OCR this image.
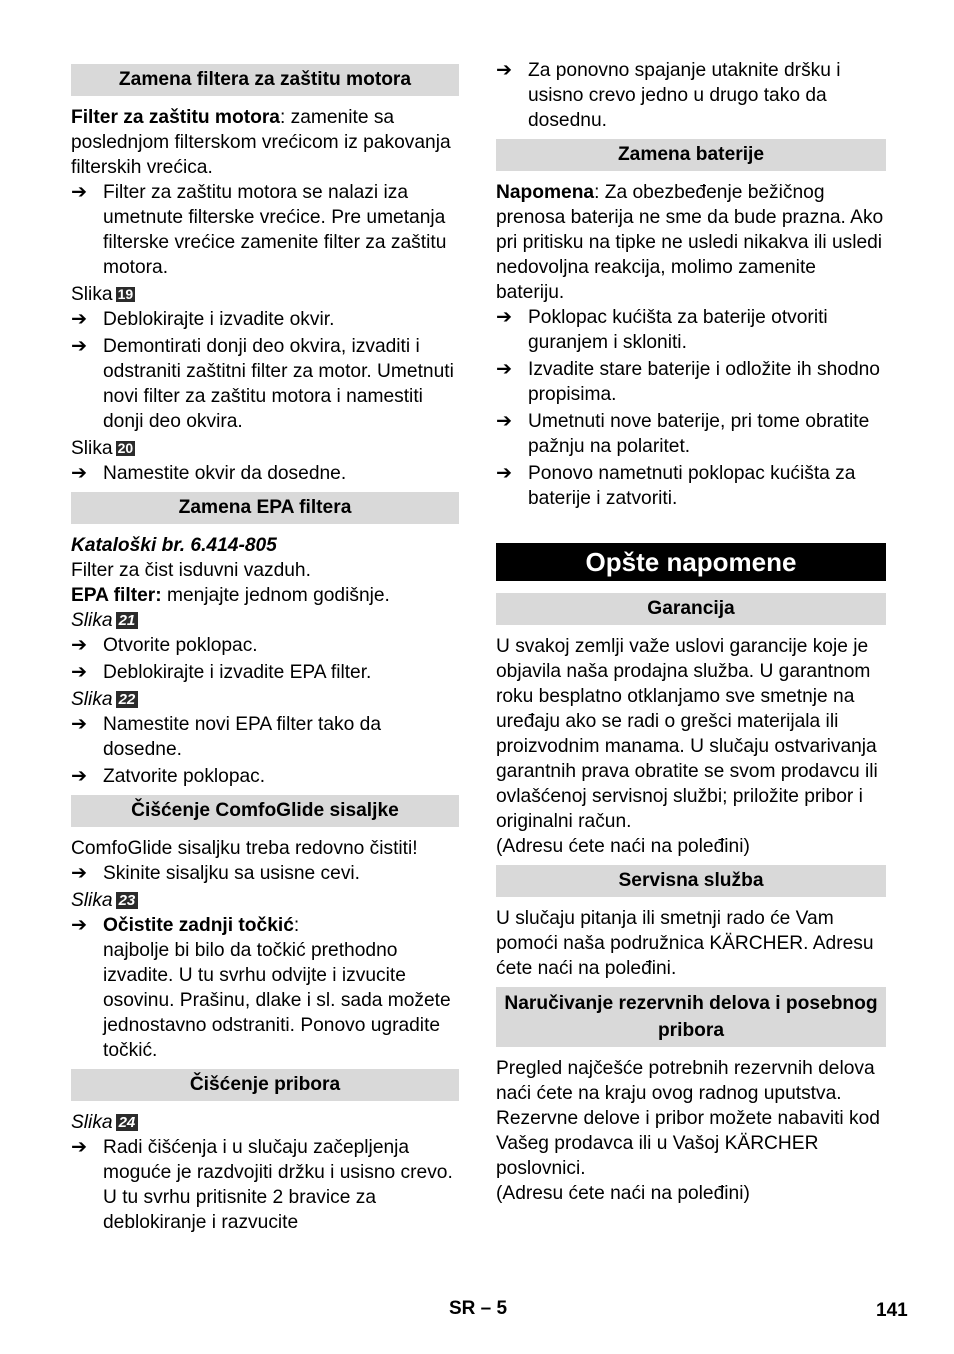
Zamena filtera za zaštitu motora

Filter za zaštitu motora: zamenite sa poslednjom filterskom vrećicom iz pakovanja filterskih vrećica.

➔ Filter za zaštitu motora se nalazi iza umetnute filterske vrećice. Pre umetanja filterske vrećice zamenite filter za zaštitu motora.

Slika 19

➔ Deblokirajte i izvadite okvir.
➔ Demontirati donji deo okvira, izvaditi i odstraniti zaštitni filter za motor. Umetnuti novi filter za zaštitu motora i namestiti donji deo okvira.

Slika 20

➔ Namestite okvir da dosedne.
Zamena EPA filtera

Kataloški br. 6.414-805

Filter za čist isduvni vazduh.

EPA filter: menjajte jednom godišnje.

Slika 21

➔ Otvorite poklopac.
➔ Deblokirajte i izvadite EPA filter.

Slika 22

➔ Namestite novi EPA filter tako da dosedne.
➔ Zatvorite poklopac.
Čišćenje ComfoGlide sisaljke

ComfoGlide sisaljku treba redovno čistiti!

➔ Skinite sisaljku sa usisne cevi.

Slika 23

➔ Očistite zadnji točkić:
najbolje bi bilo da točkić prethodno izvadite. U tu svrhu odvijte i izvucite osovinu. Prašinu, dlake i sl. sada možete jednostavno odstraniti. Ponovo ugradite točkić.
Čišćenje pribora

Slika 24

➔ Radi čišćenja i u slučaju začepljenja moguće je razdvojiti držku i usisno crevo. U tu svrhu pritisnite 2 bravice za deblokiranje i razvucite
➔ Za ponovno spajanje utaknite dršku i usisno crevo jedno u drugo tako da dosednu.
Zamena baterije

Napomena: Za obezbeđenje bežičnog prenosa baterija ne sme da bude prazna. Ako pri pritisku na tipke ne usledi nikakva ili usledi nedovoljna reakcija, molimo zamenite bateriju.

➔ Poklopac kućišta za baterije otvoriti guranjem i skloniti.
➔ Izvadite stare baterije i odložite ih shodno propisima.
➔ Umetnuti nove baterije, pri tome obratite pažnju na polaritet.
➔ Ponovo nametnuti poklopac kućišta za baterije i zatvoriti.
Opšte napomene
Garancija

U svakoj zemlji važe uslovi garancije koje je objavila naša prodajna služba. U garantnom roku besplatno otklanjamo sve smetnje na uređaju ako se radi o grešci materijala ili proizvodnim manama. U slučaju ostvarivanja garantnih prava obratite se svom prodavcu ili ovlašćenoj servisnoj službi; priložite pribor i originalni račun.

(Adresu ćete naći na poleđini)

Servisna služba

U slučaju pitanja ili smetnji rado će Vam pomoći naša podružnica KÄRCHER. Adresu ćete naći na poleđini.

Naručivanje rezervnih delova i posebnog pribora

Pregled najčešće potrebnih rezervnih delova naći ćete na kraju ovog radnog uputstva.

Rezervne delove i pribor možete nabaviti kod Vašeg prodavca ili u Vašoj KÄRCHER poslovnici.

(Adresu ćete naći na poleđini)

SR – 5	141
